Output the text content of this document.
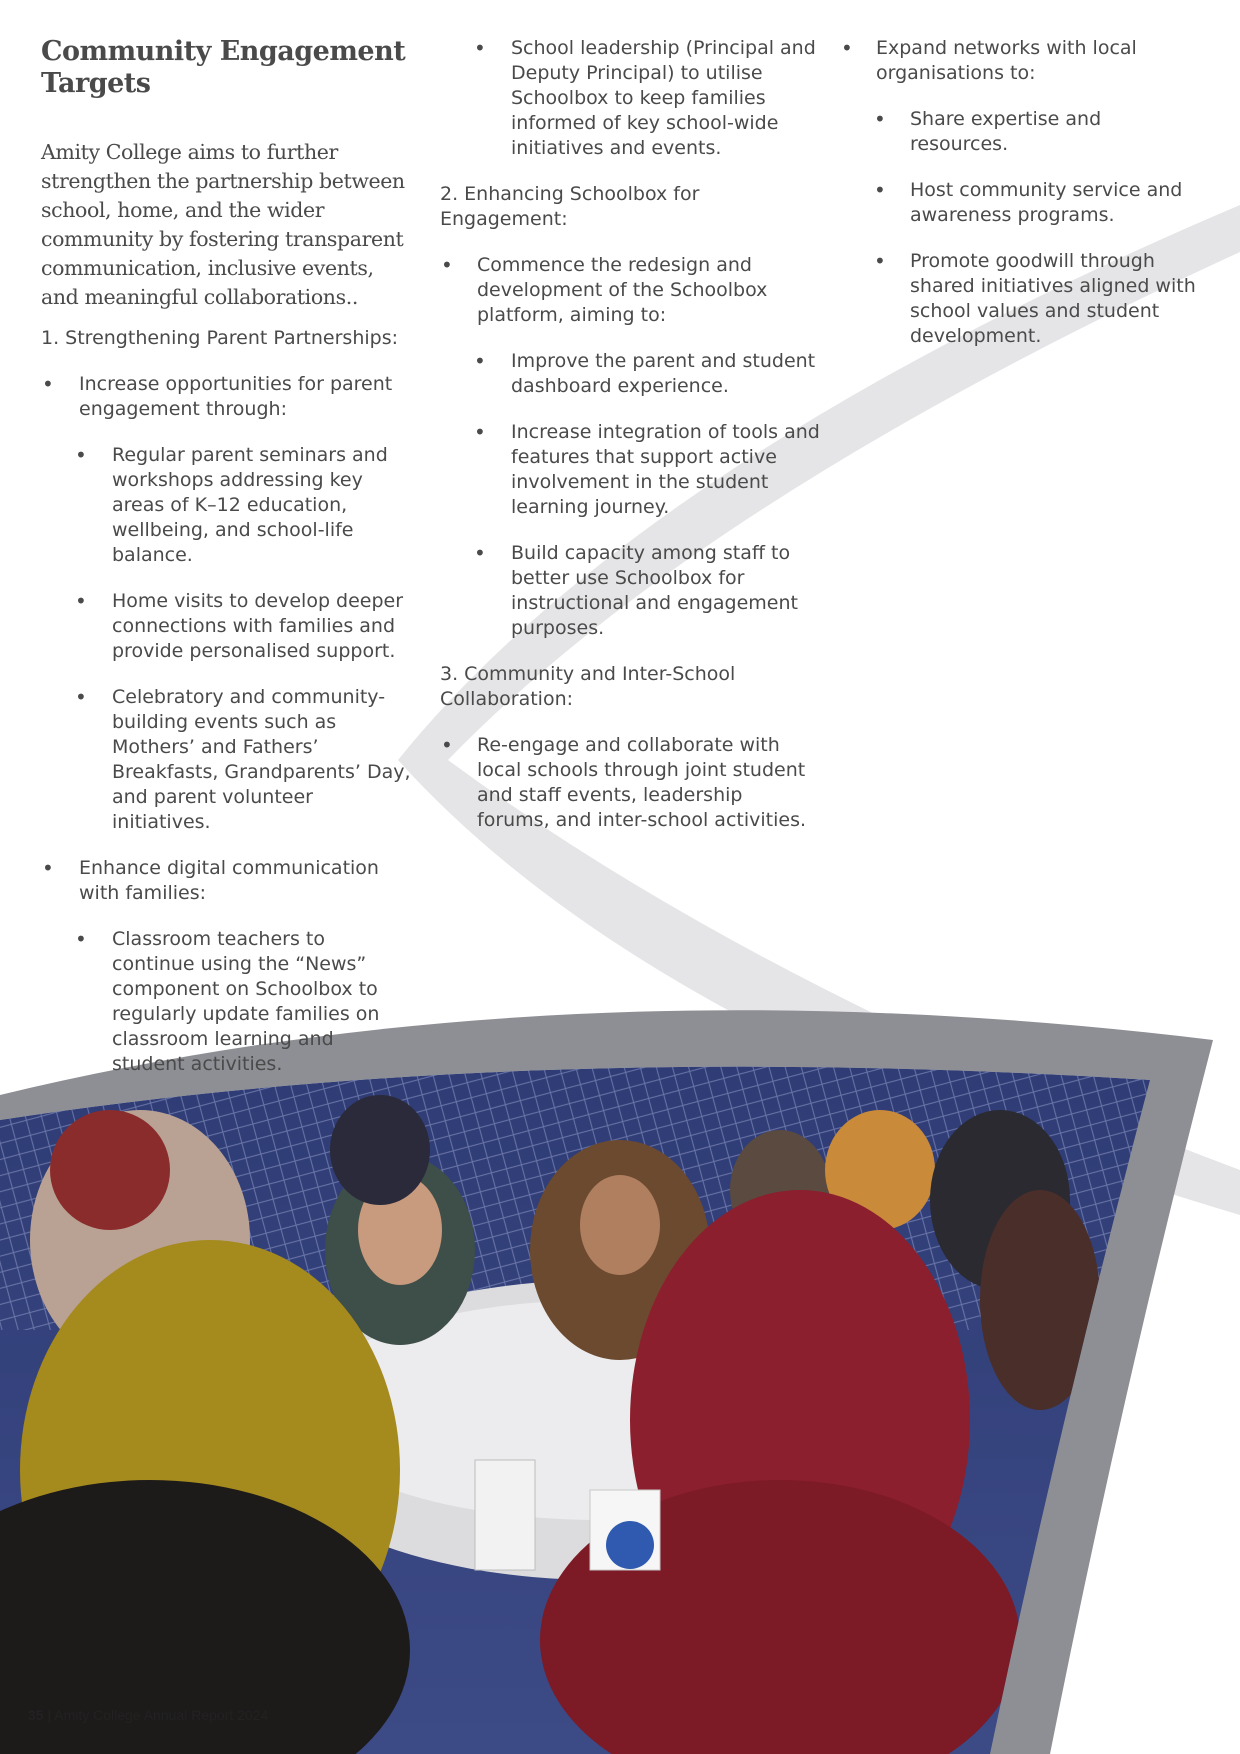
Community Engagement Targets

Amity College aims to further strengthen the partnership between school, home, and the wider community by fostering transparent communication, inclusive events, and meaningful collaborations..

1. Strengthening Parent Partnerships:

• Increase opportunities for parent engagement through:
• Regular parent seminars and workshops addressing key areas of K–12 education, wellbeing, and school-life balance.
• Home visits to develop deeper connections with families and provide personalised support.
• Celebratory and community-building events such as Mothers’ and Fathers’ Breakfasts, Grandparents’ Day, and parent volunteer initiatives.
• Enhance digital communication with families:
• Classroom teachers to continue using the “News” component on Schoolbox to regularly update families on classroom learning and student activities.
• School leadership (Principal and Deputy Principal) to utilise Schoolbox to keep families informed of key school-wide initiatives and events.

2. Enhancing Schoolbox for Engagement:

• Commence the redesign and development of the Schoolbox platform, aiming to:
• Improve the parent and student dashboard experience.
• Increase integration of tools and features that support active involvement in the student learning journey.
• Build capacity among staff to better use Schoolbox for instructional and engagement purposes.

3. Community and Inter-School Collaboration:

• Re-engage and collaborate with local schools through joint student and staff events, leadership forums, and inter-school activities.
• Expand networks with local organisations to:
• Share expertise and resources.
• Host community service and awareness programs.
• Promote goodwill through shared initiatives aligned with school values and student development.
35 | Amity College Annual Report 2024
